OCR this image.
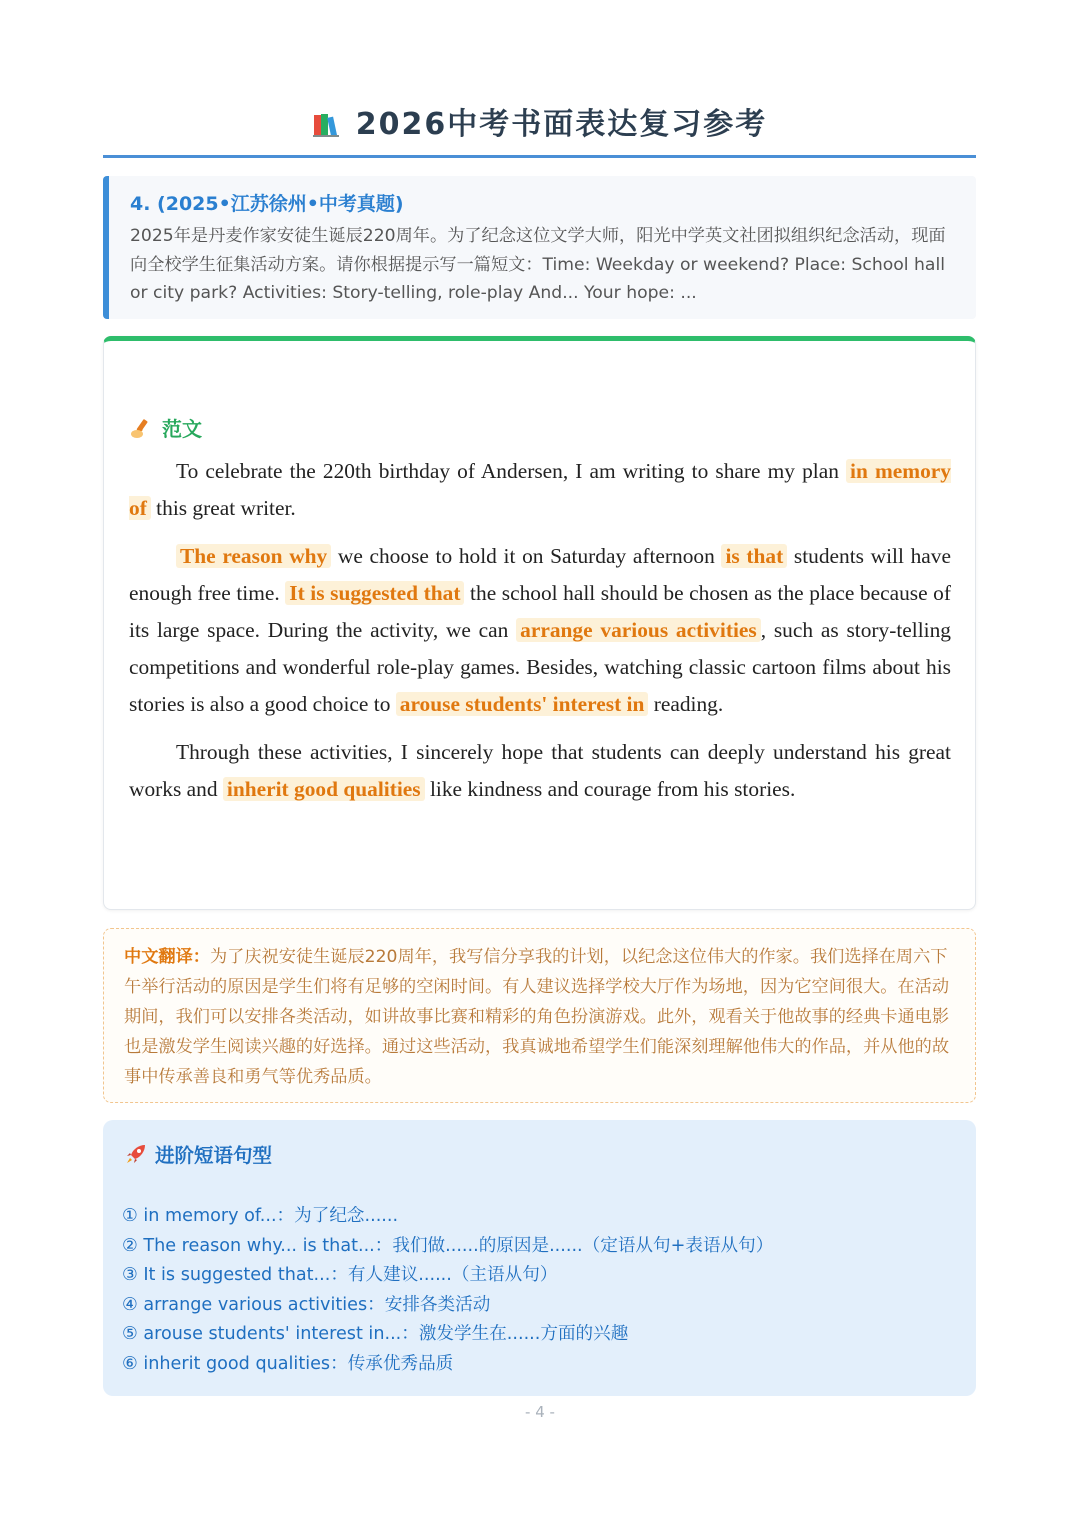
2026中考书面表达复习参考
4. (2025•江苏徐州•中考真题)
2025年是丹麦作家安徒生诞辰220周年。为了纪念这位文学大师，阳光中学英文社团拟组织纪念活动，现面向全校学生征集活动方案。请你根据提示写一篇短文：Time: Weekday or weekend? Place: School hall or city park? Activities: Story-telling, role-play And... Your hope: ...
范文

To celebrate the 220th birthday of Andersen, I am writing to share my plan in memory of this great writer.

The reason why we choose to hold it on Saturday afternoon is that students will have enough free time. It is suggested that the school hall should be chosen as the place because of its large space. During the activity, we can arrange various activities , such as story-telling competitions and wonderful role-play games. Besides, watching classic cartoon films about his stories is also a good choice to arouse students' interest in reading.

Through these activities, I sincerely hope that students can deeply understand his great works and inherit good qualities like kindness and courage from his stories.

中文翻译：为了庆祝安徒生诞辰220周年，我写信分享我的计划，以纪念这位伟大的作家。我们选择在周六下午举行活动的原因是学生们将有足够的空闲时间。有人建议选择学校大厅作为场地，因为它空间很大。在活动期间，我们可以安排各类活动，如讲故事比赛和精彩的角色扮演游戏。此外，观看关于他故事的经典卡通电影也是激发学生阅读兴趣的好选择。通过这些活动，我真诚地希望学生们能深刻理解他伟大的作品，并从他的故事中传承善良和勇气等优秀品质。
进阶短语句型
① in memory of...：为了纪念......
② The reason why... is that...：我们做......的原因是......（定语从句+表语从句）
③ It is suggested that...：有人建议......（主语从句）
④ arrange various activities：安排各类活动
⑤ arouse students' interest in...：激发学生在......方面的兴趣
⑥ inherit good qualities：传承优秀品质
- 4 -
